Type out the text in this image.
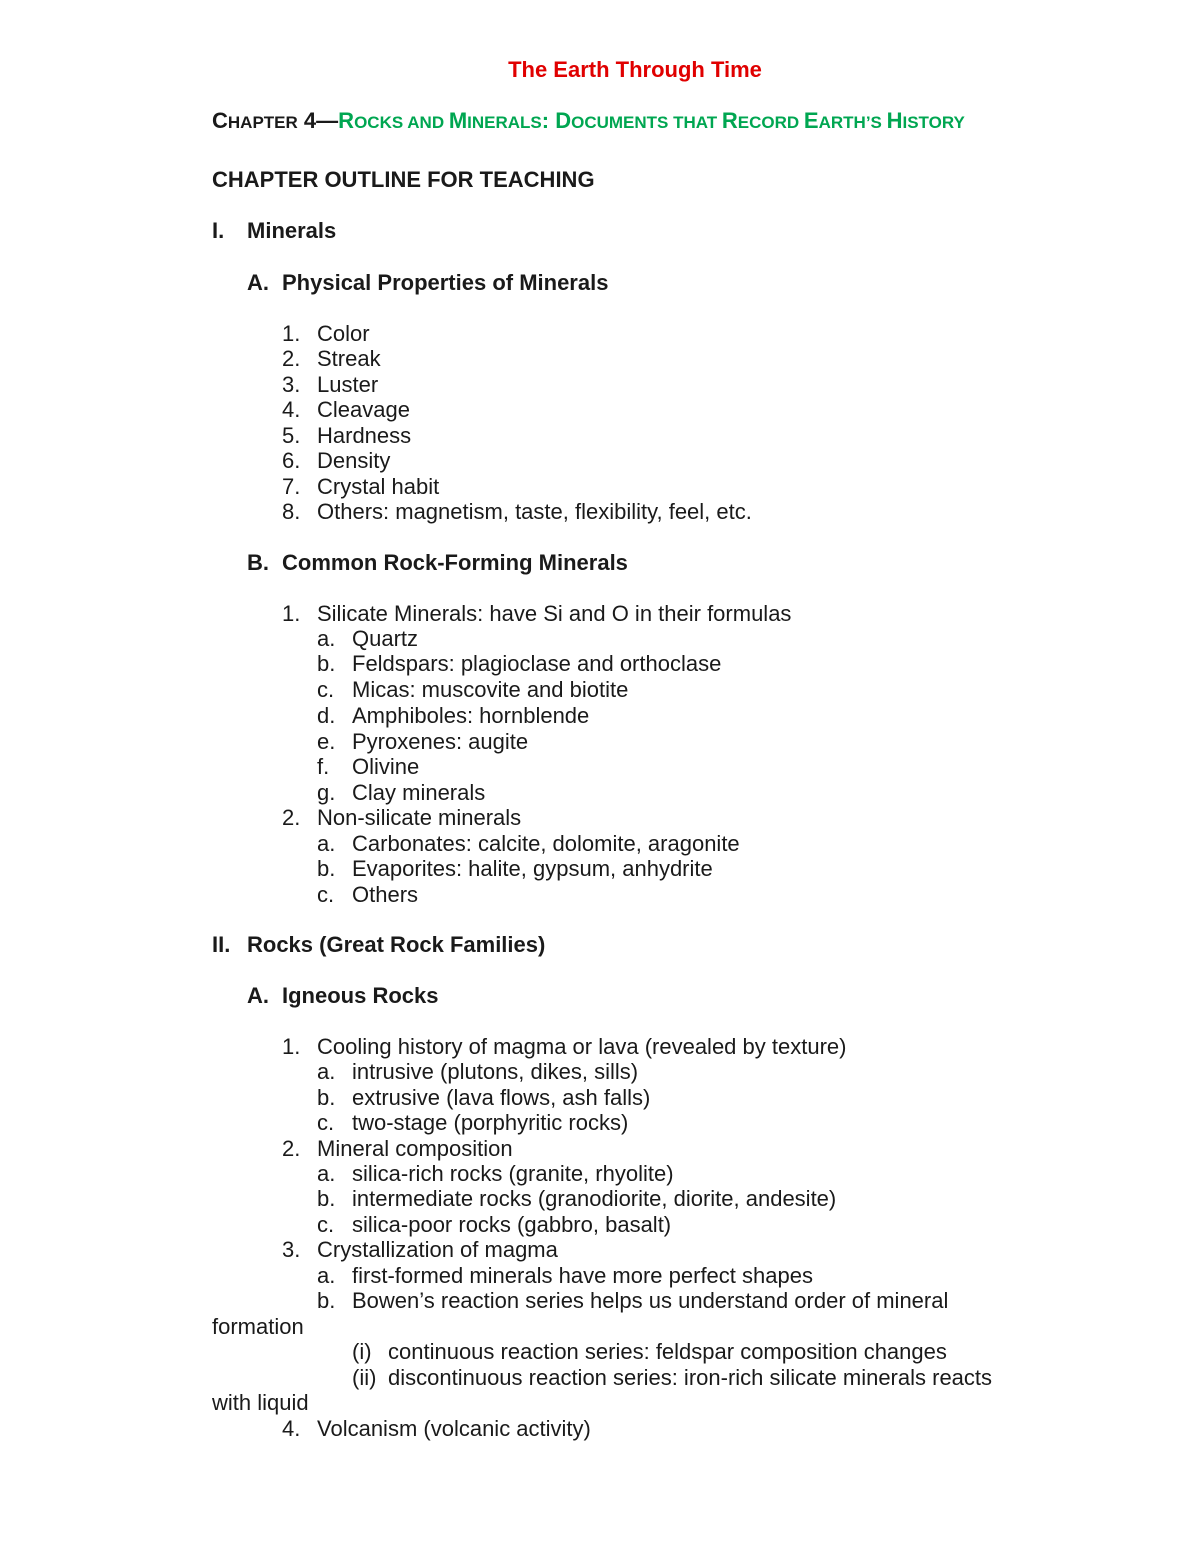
The Earth Through Time
CHAPTER 4—ROCKS AND MINERALS: DOCUMENTS THAT RECORD EARTH’S HISTORY
CHAPTER OUTLINE FOR TEACHING
I. Minerals
A. Physical Properties of Minerals
1. Color
2. Streak
3. Luster
4. Cleavage
5. Hardness
6. Density
7. Crystal habit
8. Others: magnetism, taste, flexibility, feel, etc.
B. Common Rock-Forming Minerals
1. Silicate Minerals: have Si and O in their formulas
a. Quartz
b. Feldspars: plagioclase and orthoclase
c. Micas: muscovite and biotite
d. Amphiboles: hornblende
e. Pyroxenes: augite
f. Olivine
g. Clay minerals
2. Non-silicate minerals
a. Carbonates: calcite, dolomite, aragonite
b. Evaporites: halite, gypsum, anhydrite
c. Others
II. Rocks (Great Rock Families)
A. Igneous Rocks
1. Cooling history of magma or lava (revealed by texture)
a. intrusive (plutons, dikes, sills)
b. extrusive (lava flows, ash falls)
c. two-stage (porphyritic rocks)
2. Mineral composition
a. silica-rich rocks (granite, rhyolite)
b. intermediate rocks (granodiorite, diorite, andesite)
c. silica-poor rocks (gabbro, basalt)
3. Crystallization of magma
a. first-formed minerals have more perfect shapes
b. Bowen’s reaction series helps us understand order of mineral
formation
(i) continuous reaction series: feldspar composition changes
(ii) discontinuous reaction series: iron-rich silicate minerals reacts
with liquid
4. Volcanism (volcanic activity)
